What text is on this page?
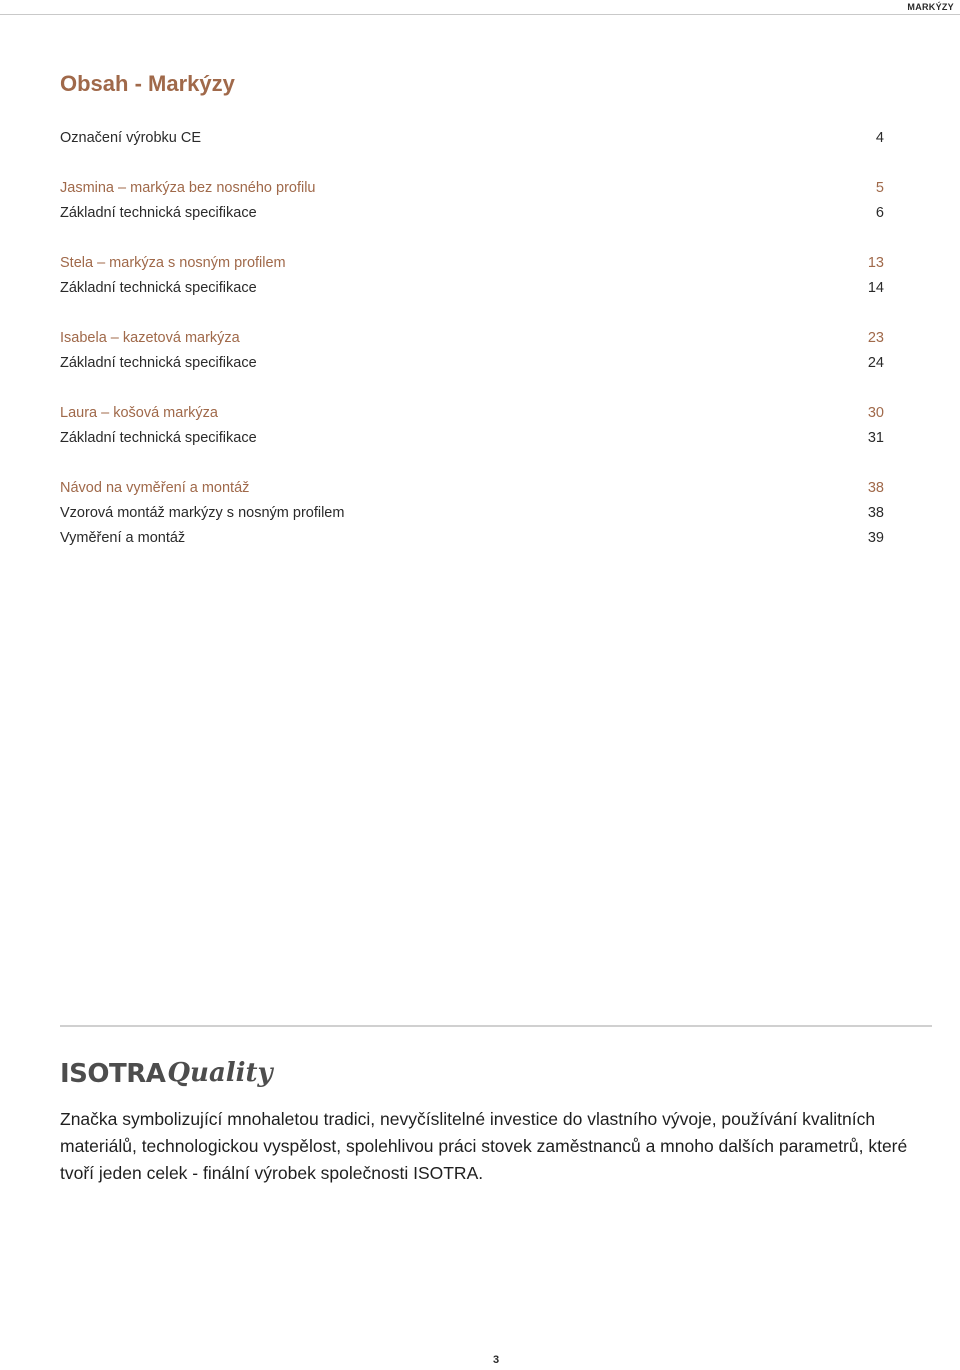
MARKÝZY
Obsah - Markýzy
Označení výrobku CE	4
Jasmina – markýza bez nosného profilu	5
Základní technická specifikace	6
Stela – markýza s nosným profilem	13
Základní technická specifikace	14
Isabela – kazetová markýza	23
Základní technická specifikace	24
Laura – košová markýza	30
Základní technická specifikace	31
Návod na vyměření a montáž	38
Vzorová montáž markýzy s nosným profilem	38
Vyměření a montáž	39
ISOTRA Quality

Značka symbolizující mnohaletou tradici, nevyčíslitelné investice do vlastního vývoje, používání kvalitních materiálů, technologickou vyspělost, spolehlivou práci stovek zaměstnanců a mnoho dalších parametrů, které tvoří jeden celek - finální výrobek společnosti ISOTRA.

3
